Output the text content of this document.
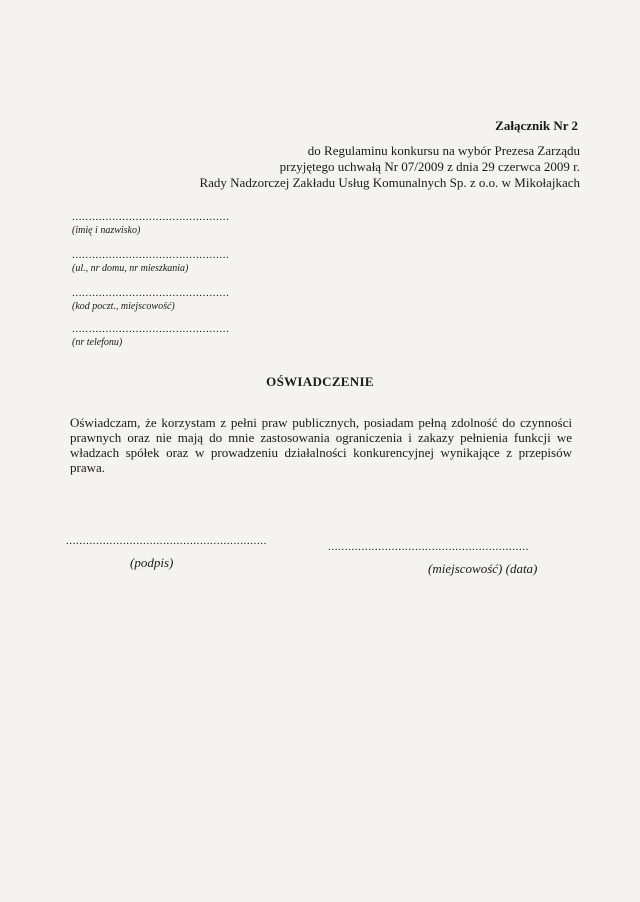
Załącznik Nr 2
do Regulaminu konkursu na wybór Prezesa Zarządu
przyjętego uchwałą Nr 07/2009 z dnia 29 czerwca 2009 r.
Rady Nadzorczej Zakładu Usług Komunalnych Sp. z o.o. w Mikołajkach
...............................................
(imię i nazwisko)
...............................................
(ul., nr domu, nr mieszkania)
...............................................
(kod poczt., miejscowość)
...............................................
(nr telefonu)
OŚWIADCZENIE
Oświadczam, że korzystam z pełni praw publicznych, posiadam pełną zdolność do czynności prawnych oraz nie mają do mnie zastosowania ograniczenia i zakazy pełnienia funkcji we władzach spółek oraz w prowadzeniu działalności konkurencyjnej wynikające z przepisów prawa.
............................................................
(podpis)
............................................................
(miejscowość) (data)
